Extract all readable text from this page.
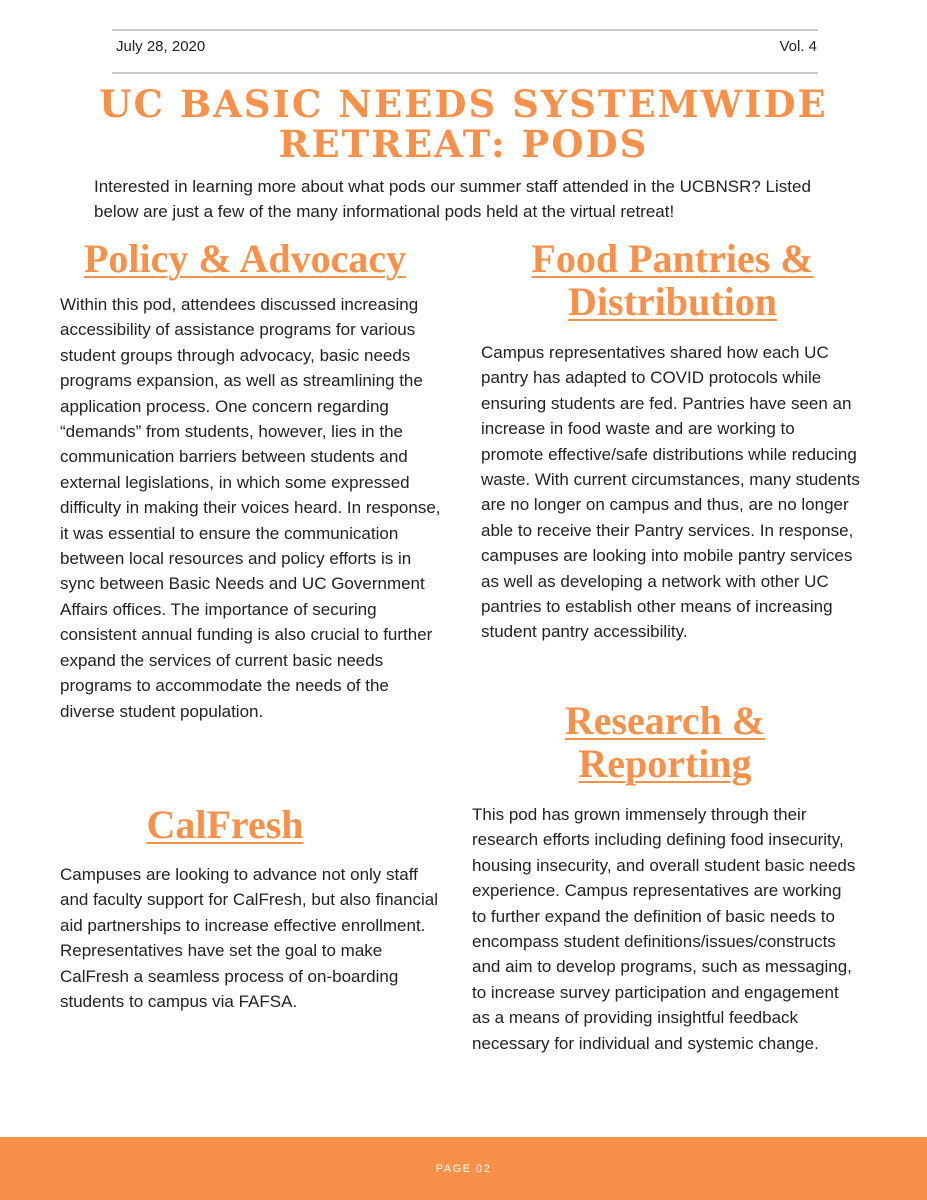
July 28, 2020	Vol. 4
UC BASIC NEEDS SYSTEMWIDE RETREAT: PODS
Interested in learning more about what pods our summer staff attended in the UCBNSR? Listed below are just a few of the many informational pods held at the virtual retreat!
Policy & Advocacy

Within this pod, attendees discussed increasing accessibility of assistance programs for various student groups through advocacy, basic needs programs expansion, as well as streamlining the application process. One concern regarding “demands” from students, however, lies in the communication barriers between students and external legislations, in which some expressed difficulty in making their voices heard. In response, it was essential to ensure the communication between local resources and policy efforts is in sync between Basic Needs and UC Government Affairs offices. The importance of securing consistent annual funding is also crucial to further expand the services of current basic needs programs to accommodate the needs of the diverse student population.

Food Pantries & Distribution

Campus representatives shared how each UC pantry has adapted to COVID protocols while ensuring students are fed. Pantries have seen an increase in food waste and are working to promote effective/safe distributions while reducing waste. With current circumstances, many students are no longer on campus and thus, are no longer able to receive their Pantry services. In response, campuses are looking into mobile pantry services as well as developing a network with other UC pantries to establish other means of increasing student pantry accessibility.

Research & Reporting

This pod has grown immensely through their research efforts including defining food insecurity, housing insecurity, and overall student basic needs experience. Campus representatives are working to further expand the definition of basic needs to encompass student definitions/issues/constructs and aim to develop programs, such as messaging, to increase survey participation and engagement as a means of providing insightful feedback necessary for individual and systemic change.

CalFresh

Campuses are looking to advance not only staff and faculty support for CalFresh, but also financial aid partnerships to increase effective enrollment. Representatives have set the goal to make CalFresh a seamless process of on-boarding students to campus via FAFSA.

PAGE 02
